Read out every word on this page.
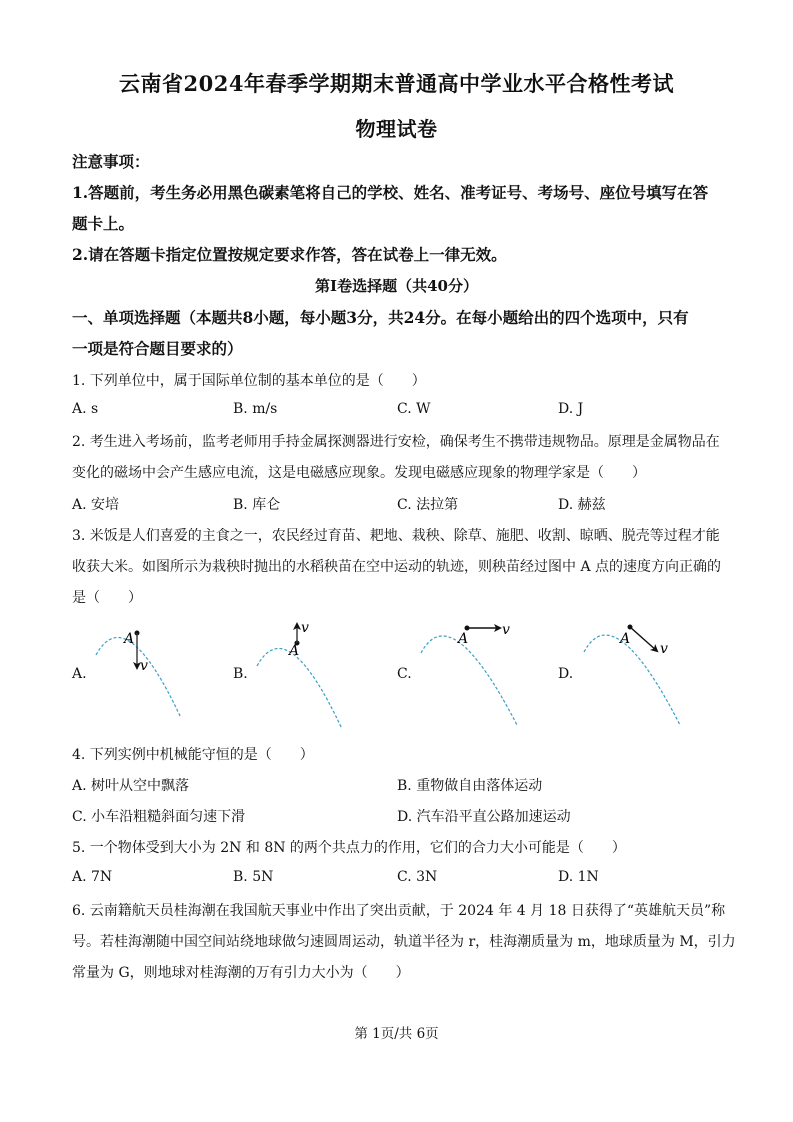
云南省2024年春季学期期末普通高中学业水平合格性考试
物理试卷
注意事项：
1.答题前，考生务必用黑色碳素笔将自己的学校、姓名、准考证号、考场号、座位号填写在答
题卡上。
2.请在答题卡指定位置按规定要求作答，答在试卷上一律无效。
第Ⅰ卷选择题（共40分）
一、单项选择题（本题共8小题，每小题3分，共24分。在每小题给出的四个选项中，只有
一项是符合题目要求的）
1. 下列单位中，属于国际单位制的基本单位的是（　　）
A. s	B. m/s	C. W	D. J
2. 考生进入考场前，监考老师用手持金属探测器进行安检，确保考生不携带违规物品。原理是金属物品在
变化的磁场中会产生感应电流，这是电磁感应现象。发现电磁感应现象的物理学家是（　　）
A. 安培	B. 库仑	C. 法拉第	D. 赫兹
3. 米饭是人们喜爱的主食之一，农民经过育苗、耙地、栽秧、除草、施肥、收割、晾晒、脱壳等过程才能
收获大米。如图所示为栽秧时抛出的水稻秧苗在空中运动的轨迹，则秧苗经过图中 A 点的速度方向正确的
是（　　）
A.	B.	C.	D.
A
v
A
v
A
v
A
v
4. 下列实例中机械能守恒的是（　　）
A. 树叶从空中飘落	B. 重物做自由落体运动
C. 小车沿粗糙斜面匀速下滑	D. 汽车沿平直公路加速运动
5. 一个物体受到大小为 2N 和 8N 的两个共点力的作用，它们的合力大小可能是（　　）
A. 7N	B. 5N	C. 3N	D. 1N
6. 云南籍航天员桂海潮在我国航天事业中作出了突出贡献，于 2024 年 4 月 18 日获得了“英雄航天员”称
号。若桂海潮随中国空间站绕地球做匀速圆周运动，轨道半径为 r，桂海潮质量为 m，地球质量为 M，引力
常量为 G，则地球对桂海潮的万有引力大小为（　　）
第 1页/共 6页
